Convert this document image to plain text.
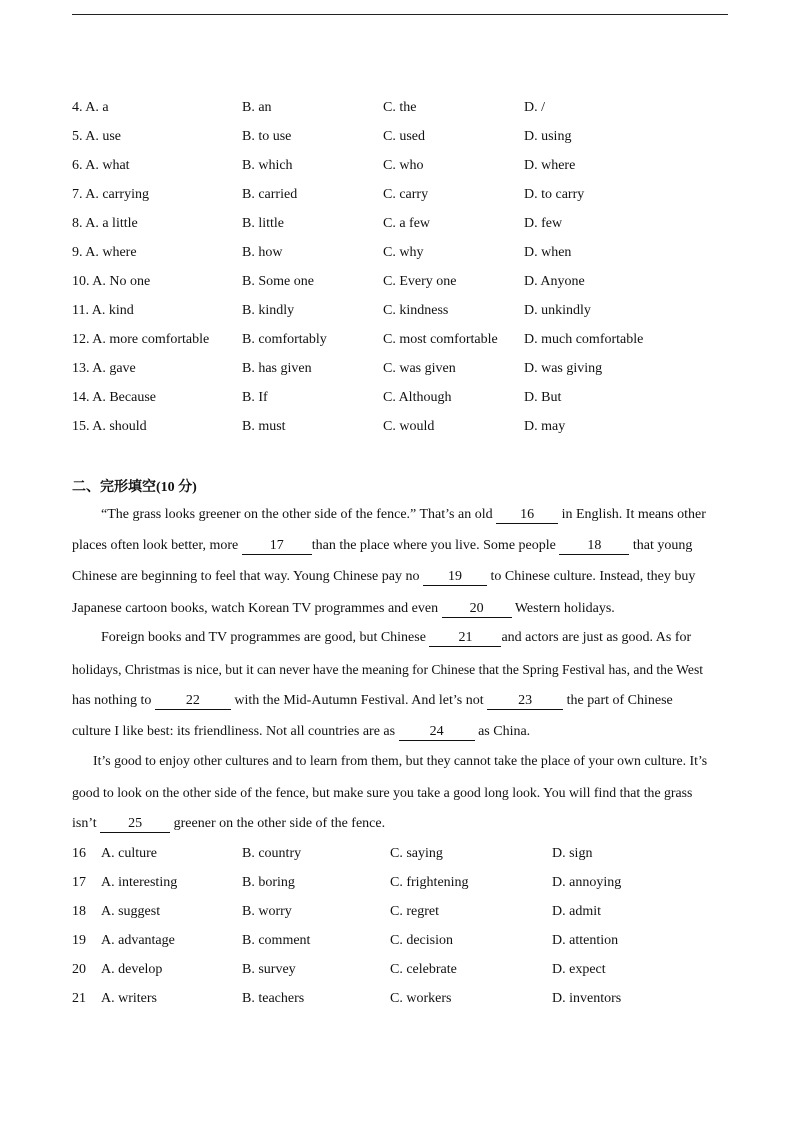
4. A. a	B. an	C. the	D. /
5. A. use	B. to use	C. used	D. using
6. A. what	B. which	C. who	D. where
7. A. carrying	B. carried	C. carry	D. to carry
8. A. a little	B. little	C. a few	D. few
9. A. where	B. how	C. why	D. when
10. A. No one	B. Some one	C. Every one	D. Anyone
11. A. kind	B. kindly	C. kindness	D. unkindly
12. A. more comfortable B. comfortably	C. most comfortable D. much comfortable
13. A. gave	B. has given	C. was given	D. was giving
14. A. Because	B. If	C. Although	D. But
15. A. should	B. must	C. would	D. may
二、完形填空(10 分)
“The grass looks greener on the other side of the fence.” That’s an old 16 in English. It means other
places often look better, more 17 than the place where you live. Some people 18 that young
Chinese are beginning to feel that way. Young Chinese pay no 19 to Chinese culture. Instead, they buy
Japanese cartoon books, watch Korean TV programmes and even 20 Western holidays.
Foreign books and TV programmes are good, but Chinese 21 and actors are just as good. As for
holidays, Christmas is nice, but it can never have the meaning for Chinese that the Spring Festival has, and the West
has nothing to 22 with the Mid-Autumn Festival. And let’s not 23 the part of Chinese
culture I like best: its friendliness. Not all countries are as 24 as China.
It’s good to enjoy other cultures and to learn from them, but they cannot take the place of your own culture. It’s
good to look on the other side of the fence, but make sure you take a good long look. You will find that the grass
isn’t 25 greener on the other side of the fence.
16 A. culture	B. country	C. saying	D. sign
17 A. interesting	B. boring	C. frightening	D. annoying
18 A. suggest	B. worry	C. regret	D. admit
19 A. advantage	B. comment	C. decision	D. attention
20 A. develop	B. survey	C. celebrate	D. expect
21 A. writers	B. teachers	C. workers	D. inventors
